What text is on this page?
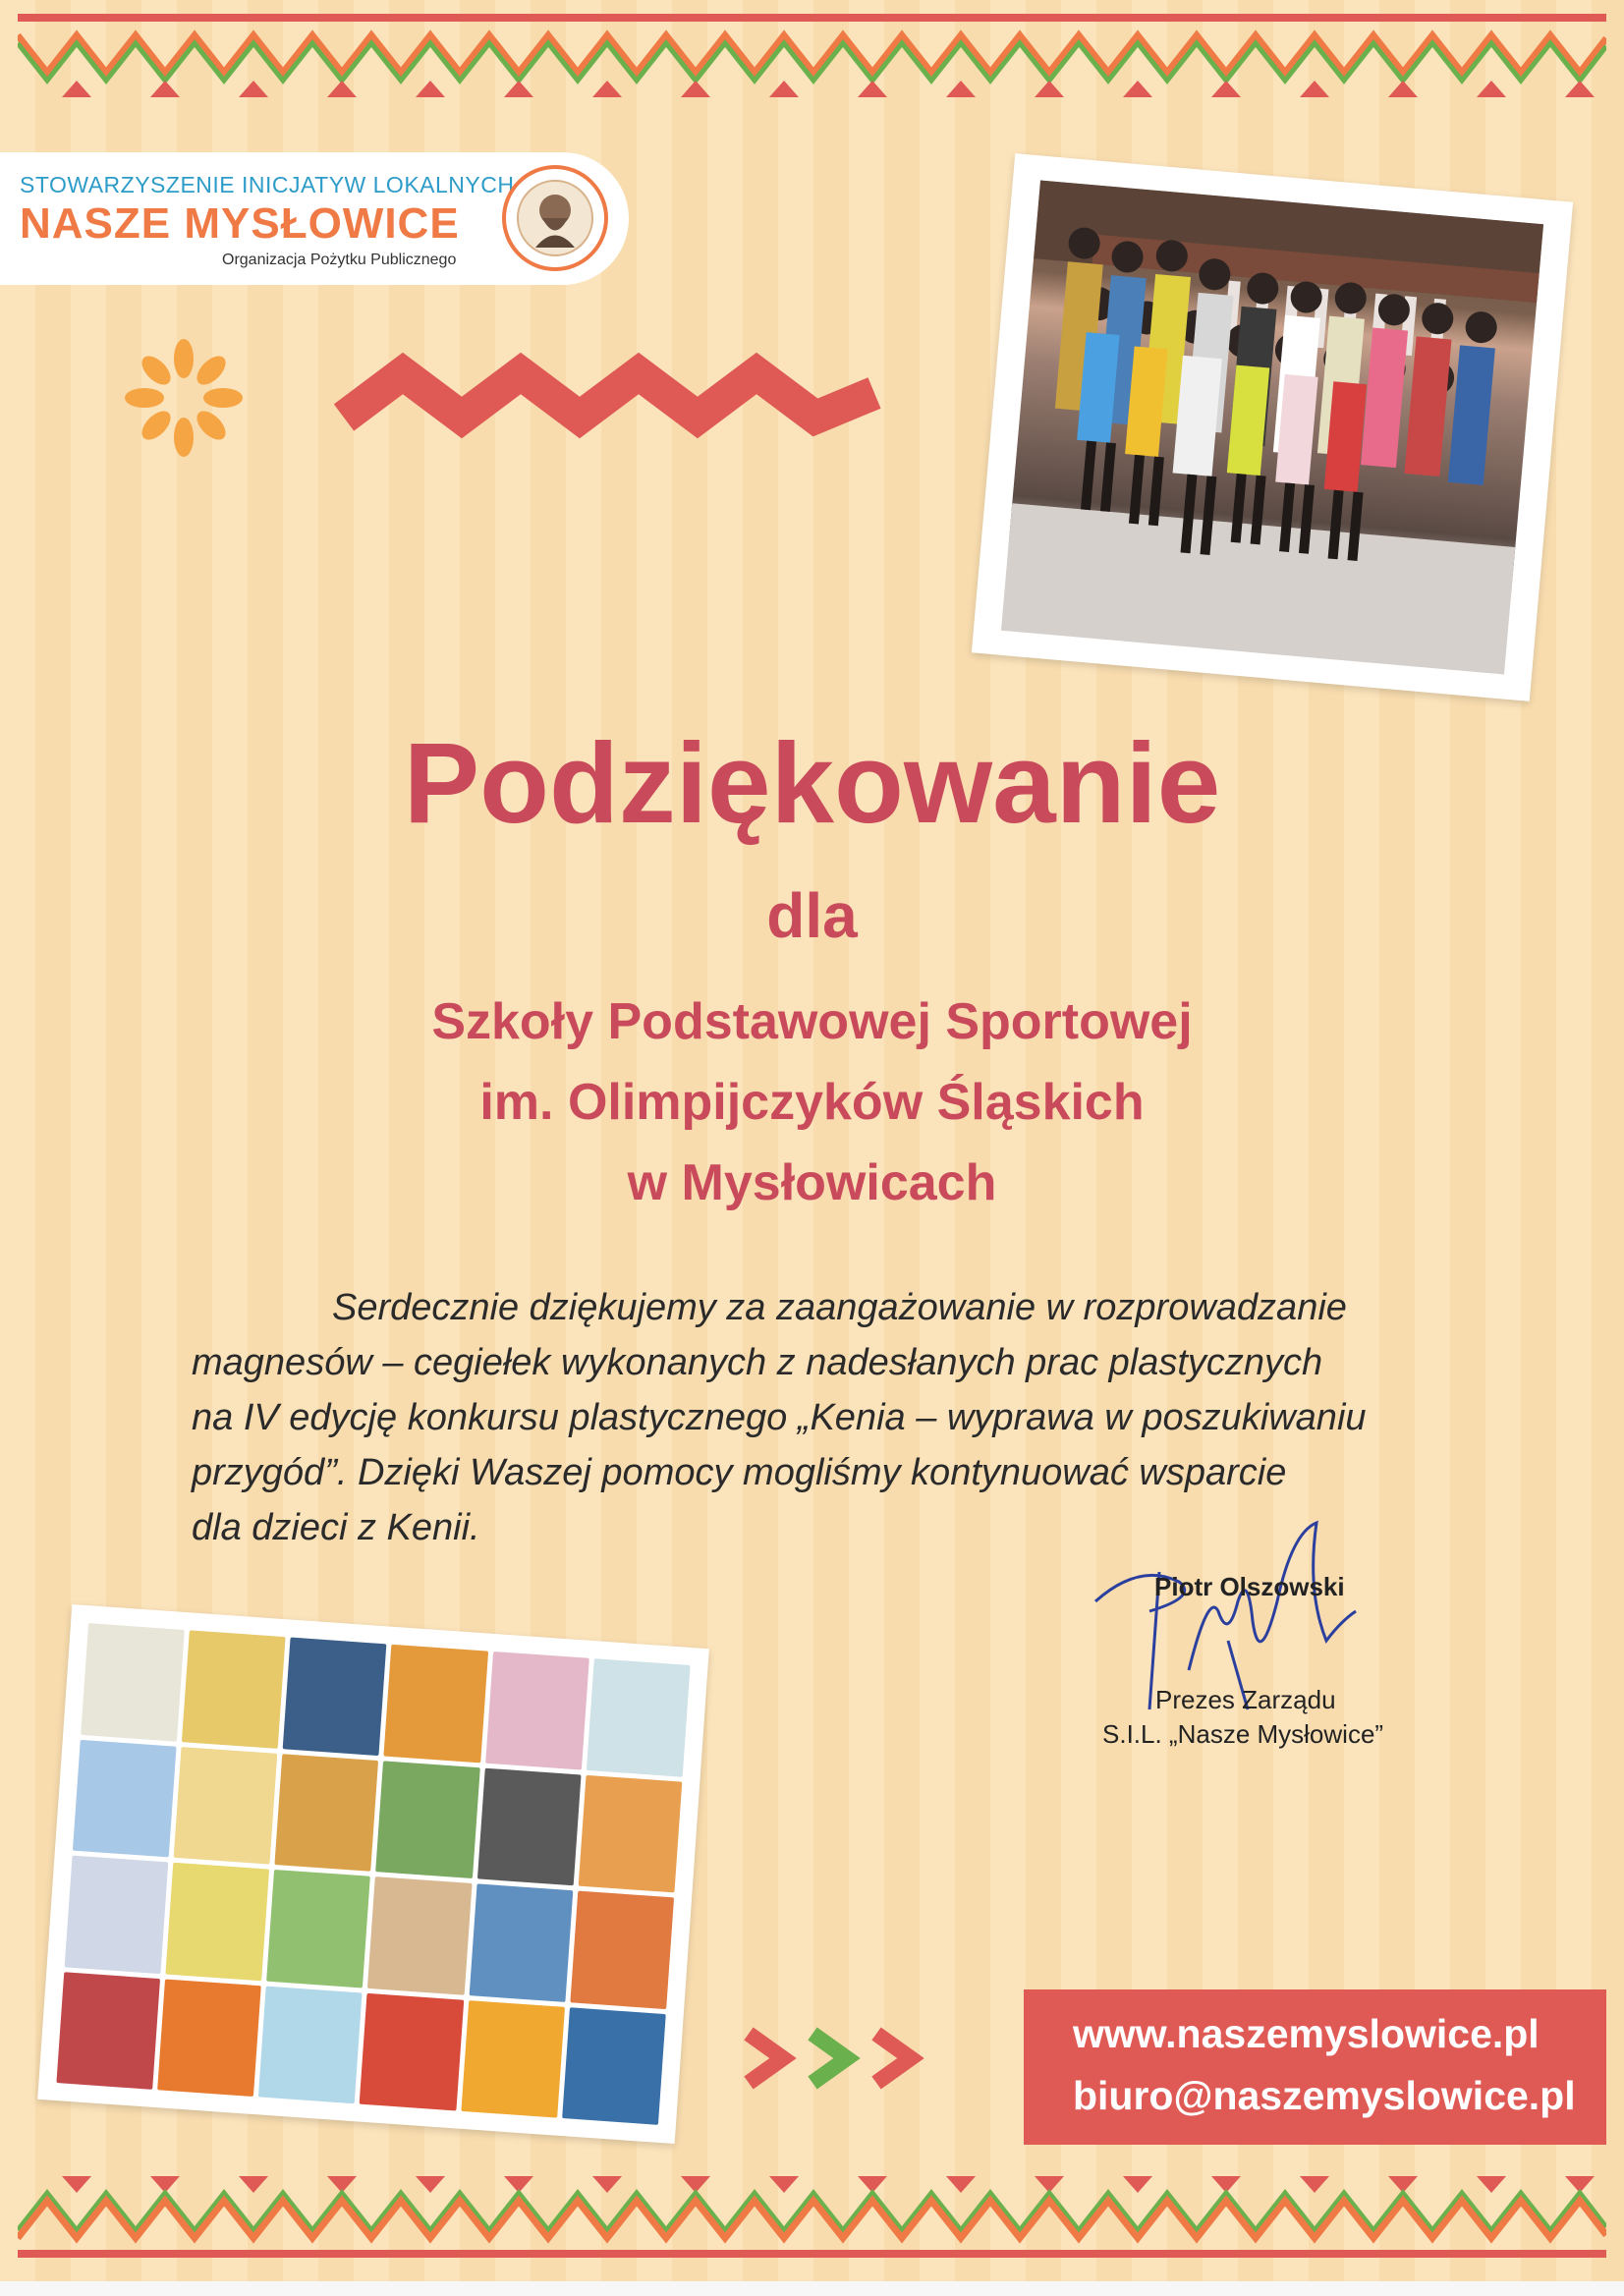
STOWARZYSZENIE INICJATYW LOKALNYCH
NASZE MYSŁOWICE
Organizacja Pożytku Publicznego
Podziękowanie
dla
Szkoły Podstawowej Sportowej
im. Olimpijczyków Śląskich
w Mysłowicach
Serdecznie dziękujemy za zaangażowanie w rozprowadzanie
magnesów – cegiełek wykonanych z nadesłanych prac plastycznych
na IV edycję konkursu plastycznego „Kenia – wyprawa w poszukiwaniu
przygód”. Dzięki Waszej pomocy mogliśmy kontynuować wsparcie
dla dzieci z Kenii.
Piotr Olszowski
Prezes Zarządu
S.I.L. „Nasze Mysłowice”
www.naszemyslowice.pl
biuro@naszemyslowice.pl
